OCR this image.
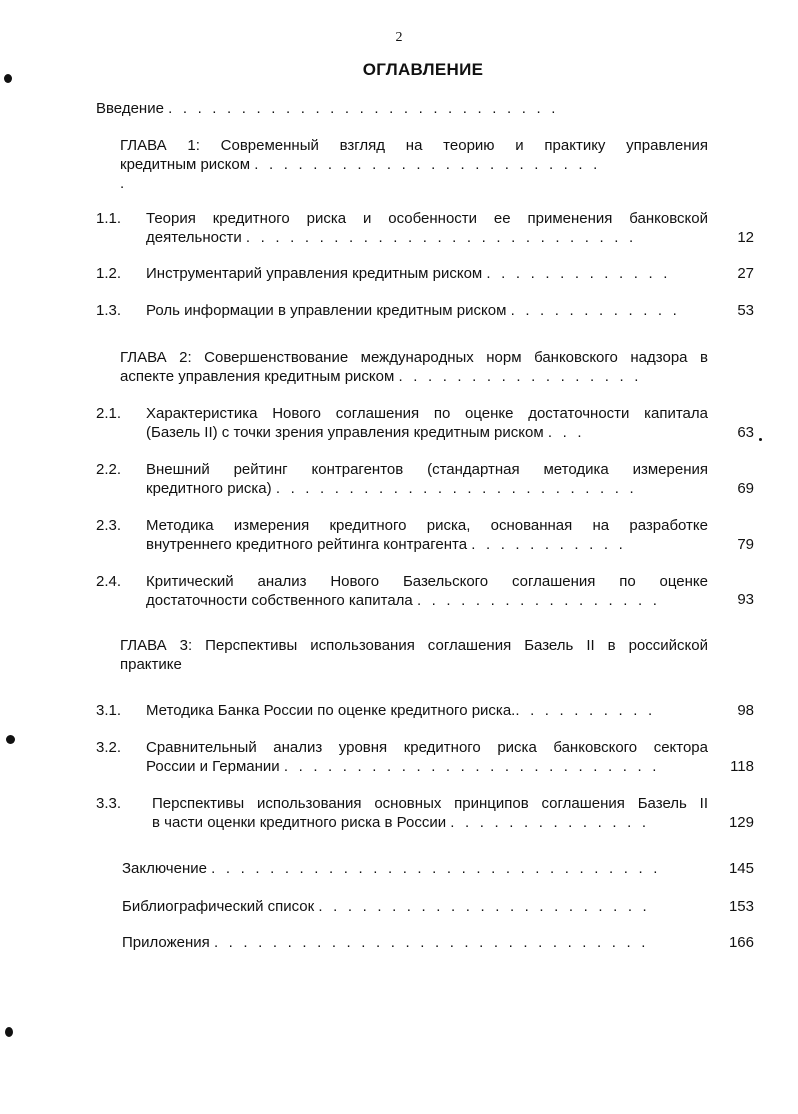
2
ОГЛАВЛЕНИЕ
Введение . . . . . . . . . . . . . . . . . . . . . . . . . . .
ГЛАВА 1: Современный взгляд на теорию и практику управления
кредитным риском . . . . . . . . . . . . . . . . . . . . . . . .
.
1.1. Теория кредитного риска и особенности ее применения банковской
деятельности . . . . . . . . . . . . . . . . . . . . . . . . . . .	12
1.2. Инструментарий управления кредитным риском . . . . . . . . . . . . .	27
1.3. Роль информации в управлении кредитным риском . . . . . . . . . . . .	53
ГЛАВА 2: Совершенствование международных норм банковского надзора в
аспекте управления кредитным риском . . . . . . . . . . . . . . . . .
2.1. Характеристика Нового соглашения по оценке достаточности капитала
(Базель II) с точки зрения управления кредитным риском . . .	63
2.2. Внешний рейтинг контрагентов (стандартная методика измерения
кредитного риска) . . . . . . . . . . . . . . . . . . . . . . . . .	69
2.3. Методика измерения кредитного риска, основанная на разработке
внутреннего кредитного рейтинга контрагента . . . . . . . . . . .	79
2.4. Критический анализ Нового Базельского соглашения по оценке
достаточности собственного капитала . . . . . . . . . . . . . . . . .	93
ГЛАВА 3: Перспективы использования соглашения Базель II в российской
практике
3.1. Методика Банка России по оценке кредитного риска.. . . . . . . . . .	98
3.2. Сравнительный анализ уровня кредитного риска банковского сектора
России и Германии . . . . . . . . . . . . . . . . . . . . . . . . . .	118
3.3. Перспективы использования основных принципов соглашения Базель II
в части оценки кредитного риска в России . . . . . . . . . . . . . .	129
Заключение . . . . . . . . . . . . . . . . . . . . . . . . . . . . . . .	145
Библиографический список . . . . . . . . . . . . . . . . . . . . . . .	153
Приложения . . . . . . . . . . . . . . . . . . . . . . . . . . . . . .	166
